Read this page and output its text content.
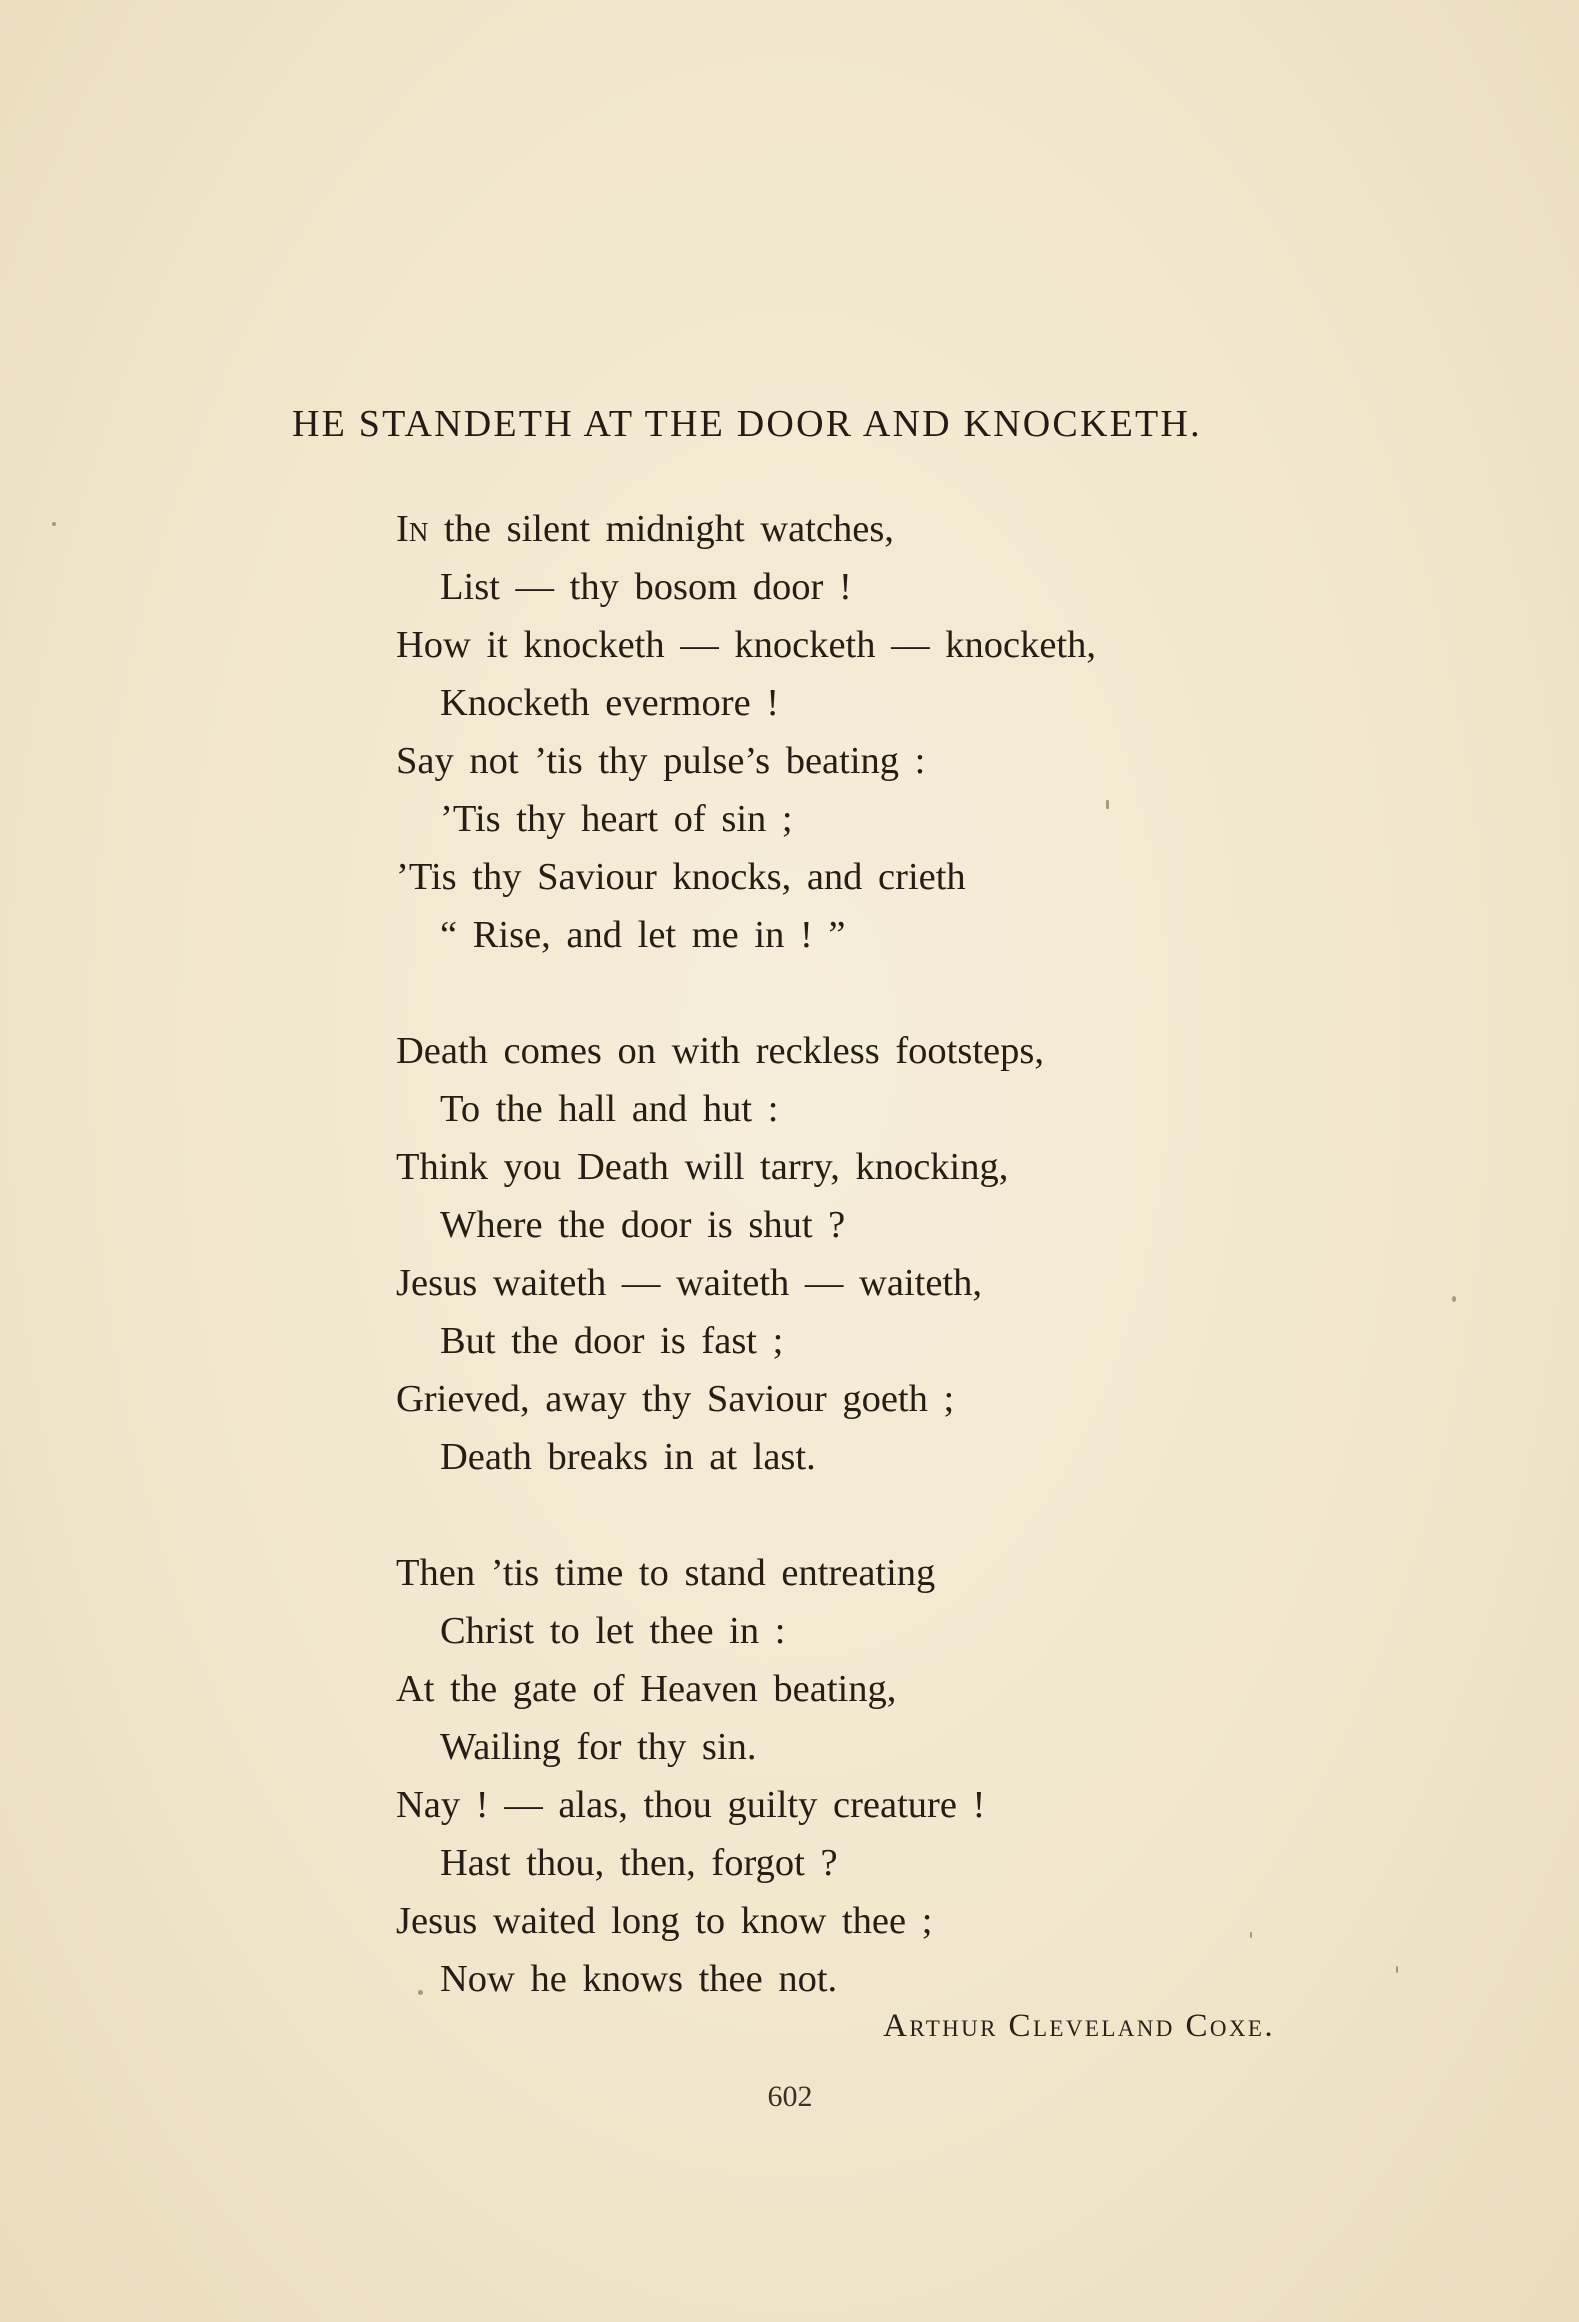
HE STANDETH AT THE DOOR AND KNOCKETH.
In the silent midnight watches,
List — thy bosom door !
How it knocketh — knocketh — knocketh,
Knocketh evermore !
Say not ’tis thy pulse’s beating :
’Tis thy heart of sin ;
’Tis thy Saviour knocks, and crieth
“ Rise, and let me in ! ”
Death comes on with reckless footsteps,
To the hall and hut :
Think you Death will tarry, knocking,
Where the door is shut ?
Jesus waiteth — waiteth — waiteth,
But the door is fast ;
Grieved, away thy Saviour goeth ;
Death breaks in at last.
Then ’tis time to stand entreating
Christ to let thee in :
At the gate of Heaven beating,
Wailing for thy sin.
Nay ! — alas, thou guilty creature !
Hast thou, then, forgot ?
Jesus waited long to know thee ;
Now he knows thee not.
Arthur Cleveland Coxe.
602
